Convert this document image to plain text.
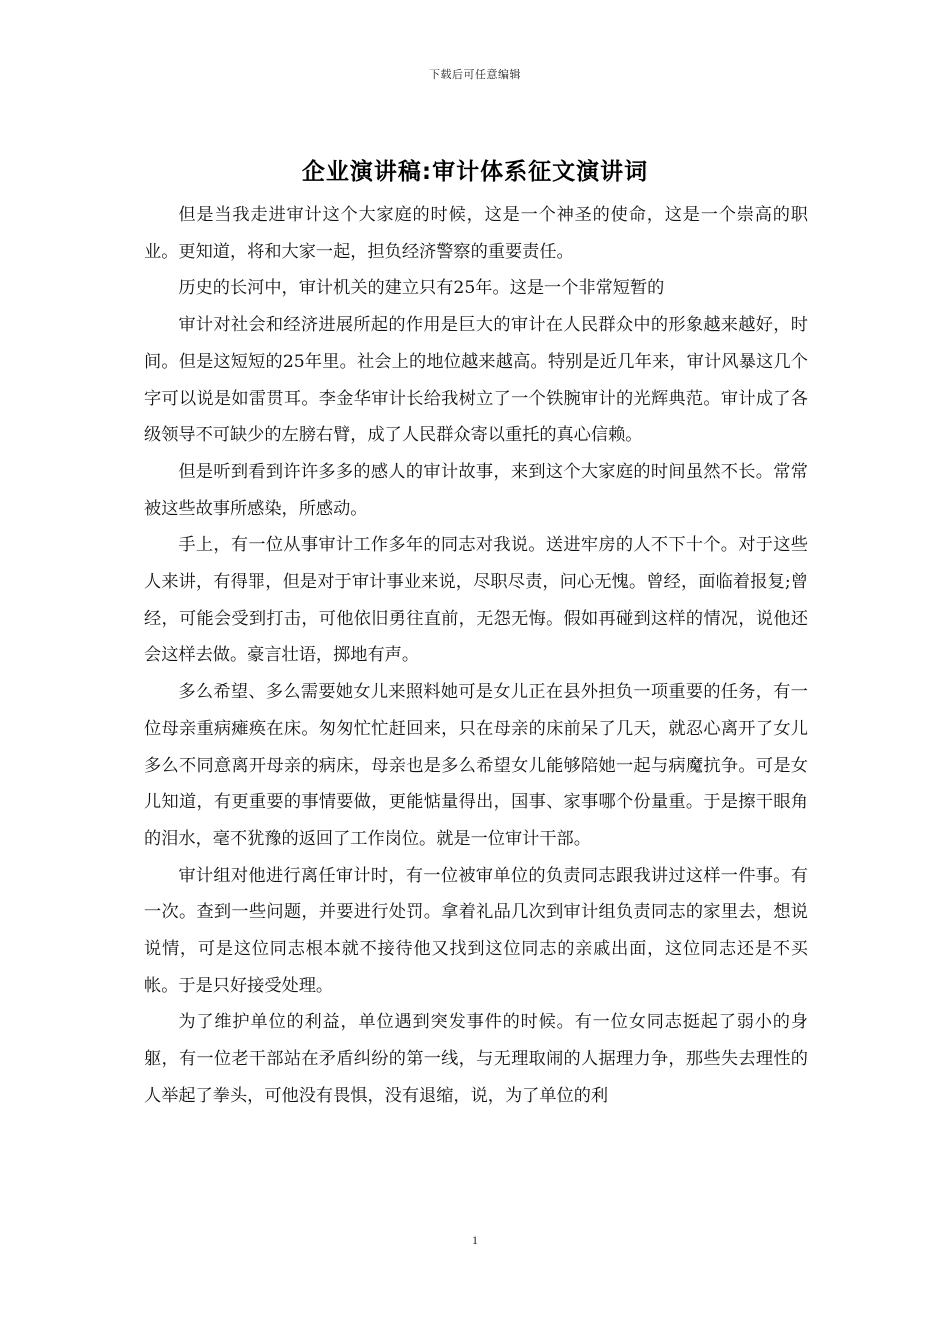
下载后可任意编辑
企业演讲稿:审计体系征文演讲词

但是当我走进审计这个大家庭的时候，这是一个神圣的使命，这是一个崇高的职业。更知道，将和大家一起，担负经济警察的重要责任。

历史的长河中，审计机关的建立只有25年。这是一个非常短暂的

审计对社会和经济进展所起的作用是巨大的审计在人民群众中的形象越来越好，时间。但是这短短的25年里。社会上的地位越来越高。特别是近几年来，审计风暴这几个字可以说是如雷贯耳。李金华审计长给我树立了一个铁腕审计的光辉典范。审计成了各级领导不可缺少的左膀右臂，成了人民群众寄以重托的真心信赖。

但是听到看到许许多多的感人的审计故事，来到这个大家庭的时间虽然不长。常常被这些故事所感染，所感动。

手上，有一位从事审计工作多年的同志对我说。送进牢房的人不下十个。对于这些人来讲，有得罪，但是对于审计事业来说，尽职尽责，问心无愧。曾经，面临着报复;曾经，可能会受到打击，可他依旧勇往直前，无怨无悔。假如再碰到这样的情况，说他还会这样去做。豪言壮语，掷地有声。

多么希望、多么需要她女儿来照料她可是女儿正在县外担负一项重要的任务，有一位母亲重病瘫痪在床。匆匆忙忙赶回来，只在母亲的床前呆了几天，就忍心离开了女儿多么不同意离开母亲的病床，母亲也是多么希望女儿能够陪她一起与病魔抗争。可是女儿知道，有更重要的事情要做，更能惦量得出，国事、家事哪个份量重。于是擦干眼角的泪水，毫不犹豫的返回了工作岗位。就是一位审计干部。

审计组对他进行离任审计时，有一位被审单位的负责同志跟我讲过这样一件事。有一次。查到一些问题，并要进行处罚。拿着礼品几次到审计组负责同志的家里去，想说说情，可是这位同志根本就不接待他又找到这位同志的亲戚出面，这位同志还是不买帐。于是只好接受处理。

为了维护单位的利益，单位遇到突发事件的时候。有一位女同志挺起了弱小的身躯，有一位老干部站在矛盾纠纷的第一线，与无理取闹的人据理力争，那些失去理性的人举起了拳头，可他没有畏惧，没有退缩，说，为了单位的利

1
